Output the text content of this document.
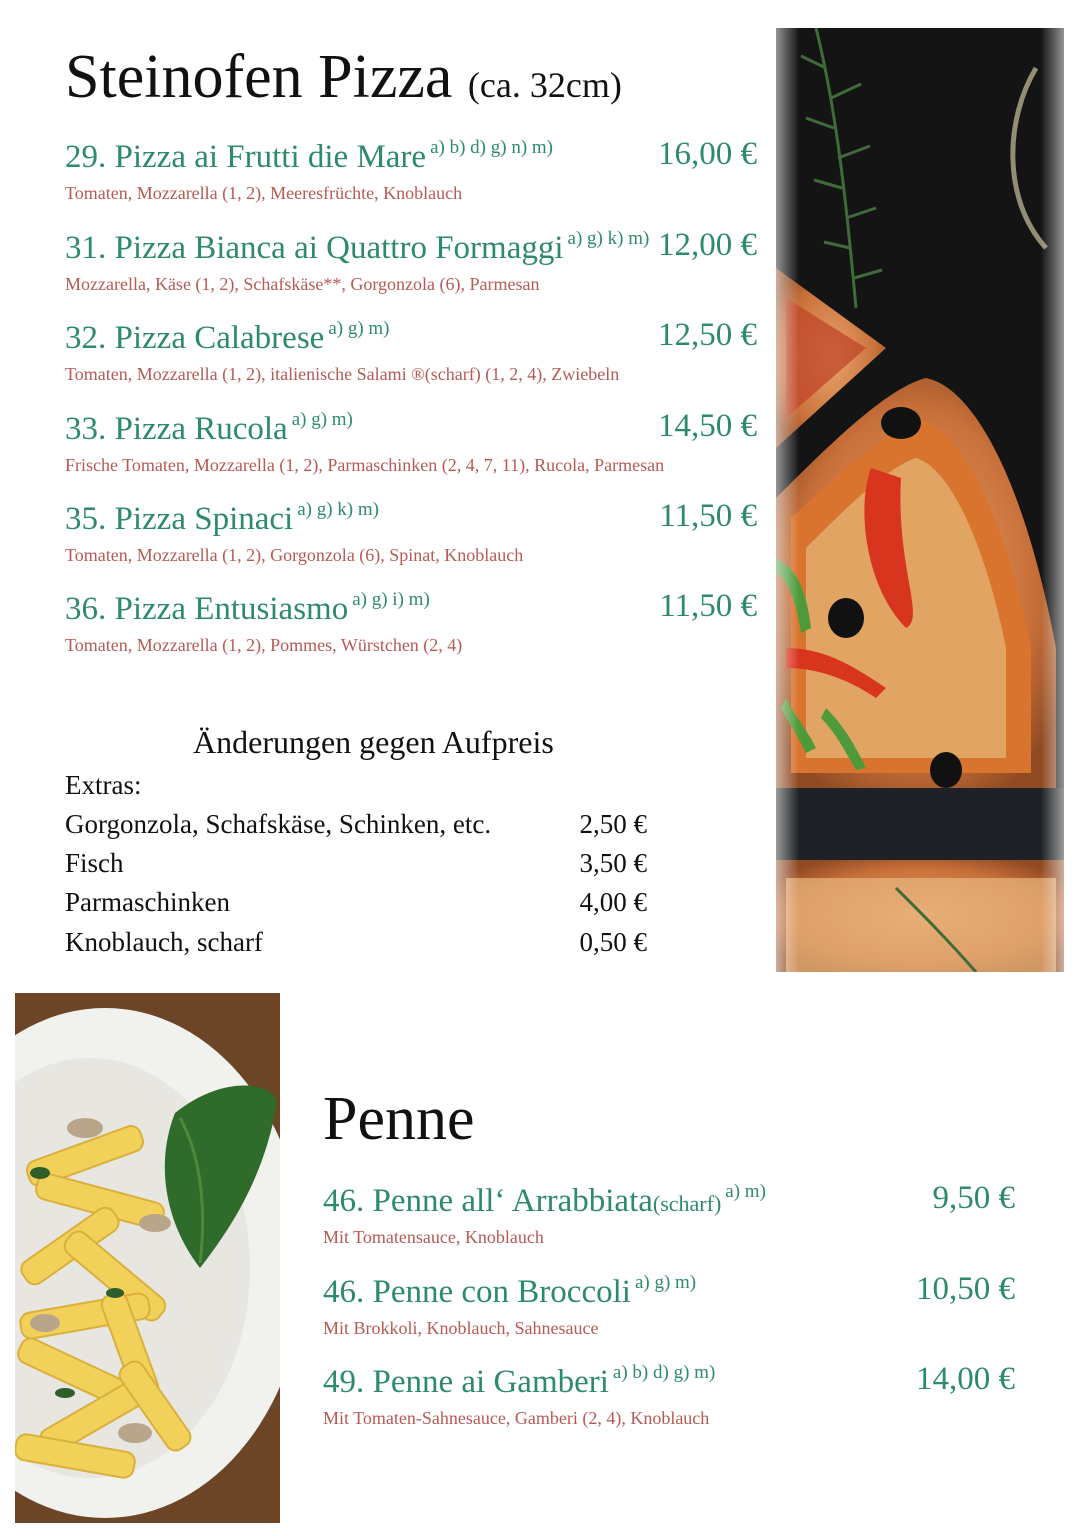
Steinofen Pizza (ca. 32cm)
29. Pizza ai Frutti die Mare $^{a) b) d) g) n) m)}$	16,00 €
Tomaten, Mozzarella (1, 2), Meeresfrüchte, Knoblauch
31. Pizza Bianca ai Quattro Formaggi $^{a) g) k) m)}$ 12,00 €
Mozzarella, Käse (1, 2), Schafskäse**, Gorgonzola (6), Parmesan
32. Pizza Calabrese $^{a) g) m)}$	12,50 €
Tomaten, Mozzarella (1, 2), italienische Salami ®(scharf) (1, 2, 4), Zwiebeln
33. Pizza Rucola $^{a) g) m)}$	14,50 €
Frische Tomaten, Mozzarella (1, 2), Parmaschinken (2, 4, 7, 11), Rucola, Parmesan
35. Pizza Spinaci $^{a) g) k) m)}$	11,50 €
Tomaten, Mozzarella (1, 2), Gorgonzola (6), Spinat, Knoblauch
36. Pizza Entusiasmo $^{a) g) i) m)}$	11,50 €
Tomaten, Mozzarella (1, 2), Pommes, Würstchen (2, 4)
Änderungen gegen Aufpreis
Extras:
Gorgonzola, Schafskäse, Schinken, etc.	2,50 €
Fisch	3,50 €
Parmaschinken	4,00 €
Knoblauch, scharf	0,50 €
Penne
46. Penne all‘ Arrabbiata(scharf) $^{a) m)}$	9,50 €
Mit Tomatensauce, Knoblauch
46. Penne con Broccoli $^{a) g) m)}$	10,50 €
Mit Brokkoli, Knoblauch, Sahnesauce
49. Penne ai Gamberi $^{a) b) d) g) m)}$	14,00 €
Mit Tomaten-Sahnesauce, Gamberi (2, 4), Knoblauch
